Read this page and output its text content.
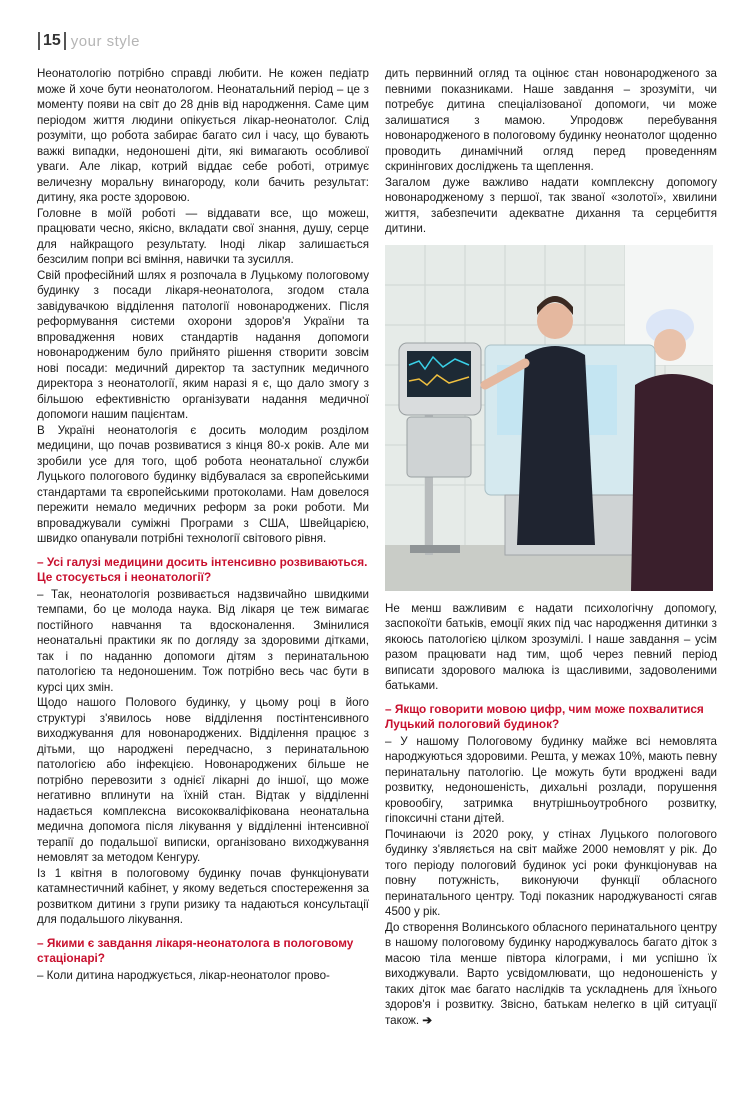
15 your style

Неонатологію потрібно справді любити. Не кожен педіатр може й хоче бути неонатологом. Неонатальний період – це з моменту появи на світ до 28 днів від народження. Саме цим періодом життя людини опікується лікар-неонатолог. Слід розуміти, що робота забирає багато сил і часу, що бувають важкі випадки, недоношені діти, які вимагають особливої уваги. Але лікар, котрий віддає себе роботі, отримує величезну моральну винагороду, коли бачить результат: дитину, яка росте здоровою.

Головне в моїй роботі — віддавати все, що можеш, працювати чесно, якісно, вкладати свої знання, душу, серце для найкращого результату. Іноді лікар залишається безсилим попри всі вміння, навички та зусилля.

Свій професійний шлях я розпочала в Луцькому пологовому будинку з посади лікаря-неонатолога, згодом стала завідувачкою відділення патології новонароджених. Після реформування системи охорони здоров'я України та впровадження нових стандартів надання допомоги новонародженим було прийнято рішення створити зовсім нові посади: медичний директор та заступник медичного директора з неонатології, яким наразі я є, що дало змогу з більшою ефективністю організувати надання медичної допомоги нашим пацієнтам.

В Україні неонатологія є досить молодим розділом медицини, що почав розвиватися з кінця 80-х років. Але ми зробили усе для того, щоб робота неонатальної служби Луцького пологового будинку відбувалася за європейськими стандартами та європейськими протоколами. Нам довелося пережити немало медичних реформ за роки роботи. Ми впроваджували суміжні Програми з США, Швейцарією, швидко опанували потрібні технології світового рівня.

– Усі галузі медицини досить інтенсивно розвиваються. Це стосується і неонатології?

– Так, неонатологія розвивається надзвичайно швидкими темпами, бо це молода наука. Від лікаря це теж вимагає постійного навчання та вдосконалення. Змінилися неонатальні практики як по догляду за здоровими дітками, так і по наданню допомоги дітям з перинатальною патологією та недоношеним. Тож потрібно весь час бути в курсі цих змін.

Щодо нашого Полового будинку, у цьому році в його структурі з'явилось нове відділення постінтенсивного виходжування для новонароджених. Відділення працює з дітьми, що народжені передчасно, з перинатальною патологією або інфекцією. Новонароджених більше не потрібно перевозити з однієї лікарні до іншої, що може негативно вплинути на їхній стан. Відтак у відділенні надається комплексна висококваліфікована неонатальна медична допомога після лікування у відділенні інтенсивної терапії до подальшої виписки, організовано виходжування немовлят за методом Кенгуру.

Із 1 квітня в пологовому будинку почав функціонувати катамнестичний кабінет, у якому ведеться спостереження за розвитком дитини з групи ризику та надаються консультації для подальшого лікування.

– Якими є завдання лікаря-неонатолога в пологовому стаціонарі?

– Коли дитина народжується, лікар-неонатолог прово-

дить первинний огляд та оцінює стан новонародженого за певними показниками. Наше завдання – зрозуміти, чи потребує дитина спеціалізованої допомоги, чи може залишатися з мамою. Упродовж перебування новонародженого в пологовому будинку неонатолог щоденно проводить динамічний огляд перед проведенням скринінгових досліджень та щеплення.

Загалом дуже важливо надати комплексну допомогу новонародженому з першої, так званої «золотої», хвилини життя, забезпечити адекватне дихання та серцебиття дитини.

Не менш важливим є надати психологічну допомогу, заспокоїти батьків, емоції яких під час народження дитинки з якоюсь патологією цілком зрозумілі. І наше завдання – усім разом працювати над тим, щоб через певний період виписати здорового малюка із щасливими, задоволеними батьками.

– Якщо говорити мовою цифр, чим може похвалитися Луцький пологовий будинок?

– У нашому Пологовому будинку майже всі немовлята народжуються здоровими. Решта, у межах 10%, мають певну перинатальну патологію. Це можуть бути вроджені вади розвитку, недоношеність, дихальні розлади, порушення кровообігу, затримка внутрішньоутробного розвитку, гіпоксичні стани дітей.

Починаючи із 2020 року, у стінах Луцького пологового будинку з'являється на світ майже 2000 немовлят у рік. До того періоду пологовий будинок усі роки функціонував на повну потужність, виконуючи функції обласного перинатального центру. Тоді показник народжуваності сягав 4500 у рік.

До створення Волинського обласного перинатального центру в нашому пологовому будинку народжувалось багато діток з масою тіла менше півтора кілограми, і ми успішно їх виходжували. Варто усвідомлювати, що недоношеність у таких діток має багато наслідків та ускладнень для їхнього здоров'я і розвитку. Звісно, батькам нелегко в цій ситуації також. ➔
